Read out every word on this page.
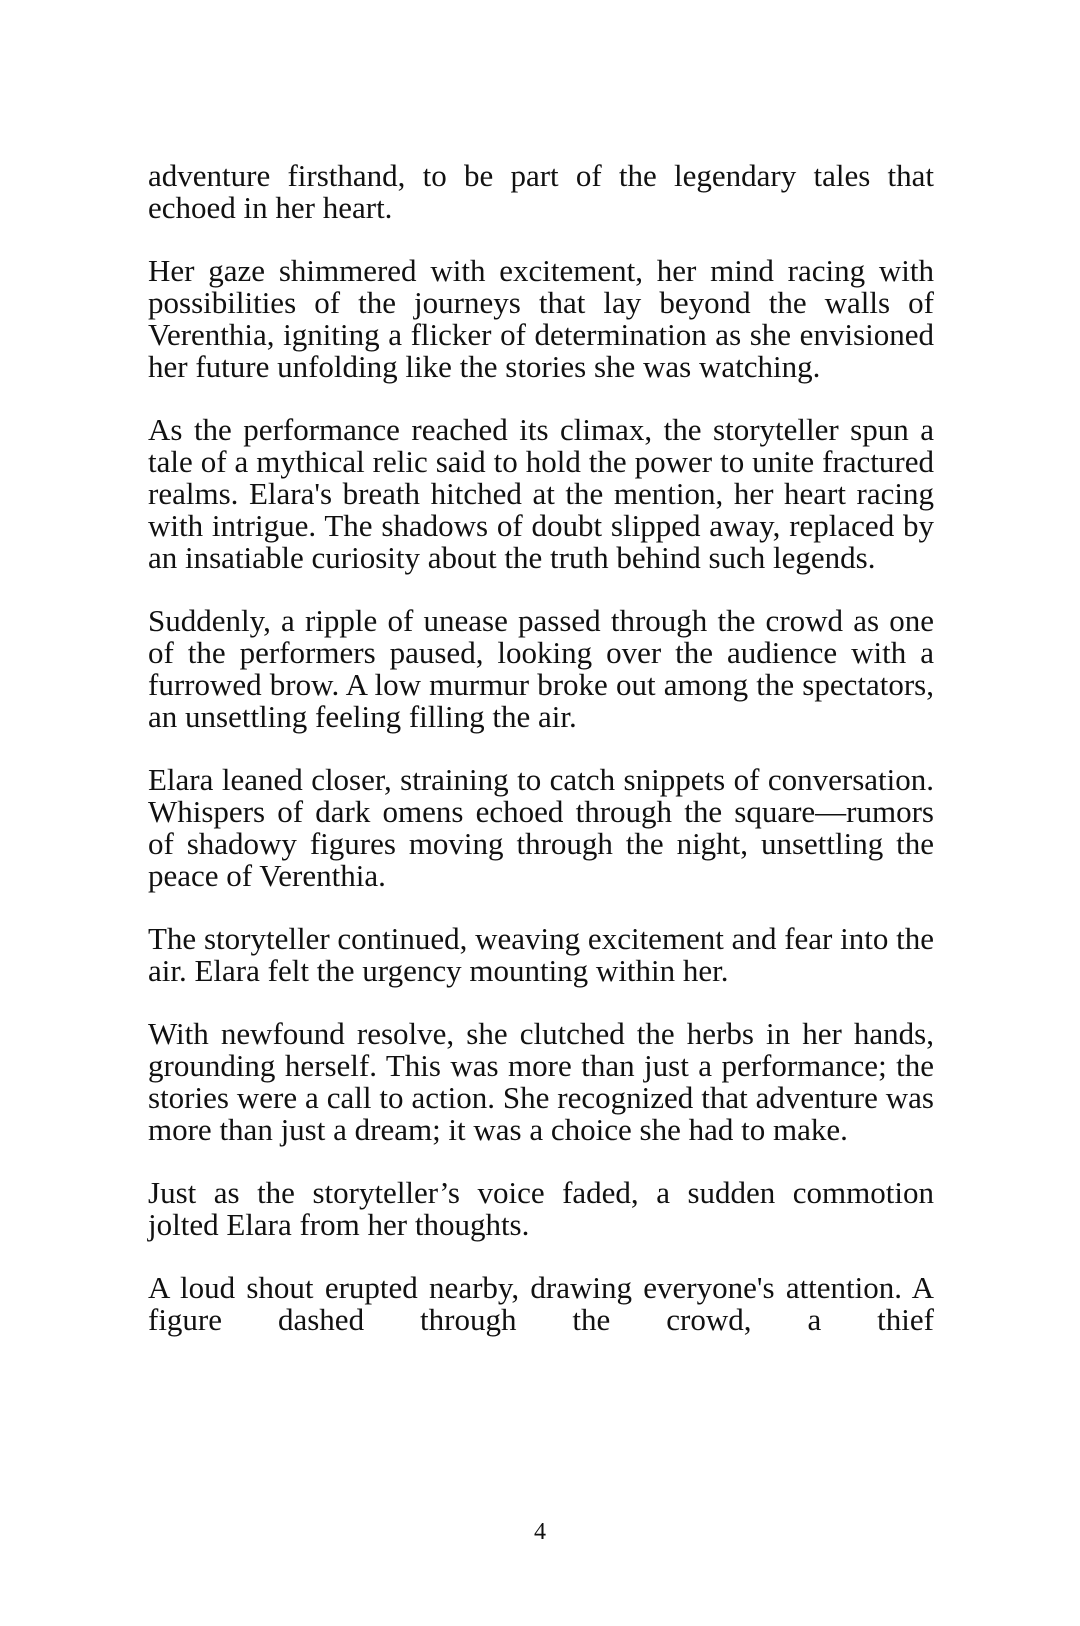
adventure firsthand, to be part of the legendary tales that echoed in her heart.

Her gaze shimmered with excitement, her mind racing with possibilities of the journeys that lay beyond the walls of Verenthia, igniting a flicker of determination as she envisioned her future unfolding like the stories she was watching.

As the performance reached its climax, the storyteller spun a tale of a mythical relic said to hold the power to unite fractured realms. Elara's breath hitched at the mention, her heart racing with intrigue. The shadows of doubt slipped away, replaced by an insatiable curiosity about the truth behind such legends.

Suddenly, a ripple of unease passed through the crowd as one of the performers paused, looking over the audience with a furrowed brow. A low murmur broke out among the spectators, an unsettling feeling filling the air.

Elara leaned closer, straining to catch snippets of conversation. Whispers of dark omens echoed through the square—rumors of shadowy figures moving through the night, unsettling the peace of Verenthia.

The storyteller continued, weaving excitement and fear into the air. Elara felt the urgency mounting within her.

With newfound resolve, she clutched the herbs in her hands, grounding herself. This was more than just a performance; the stories were a call to action. She recognized that adventure was more than just a dream; it was a choice she had to make.

Just as the storyteller’s voice faded, a sudden commotion jolted Elara from her thoughts.

A loud shout erupted nearby, drawing everyone's attention. A figure dashed through the crowd, a thief

4
